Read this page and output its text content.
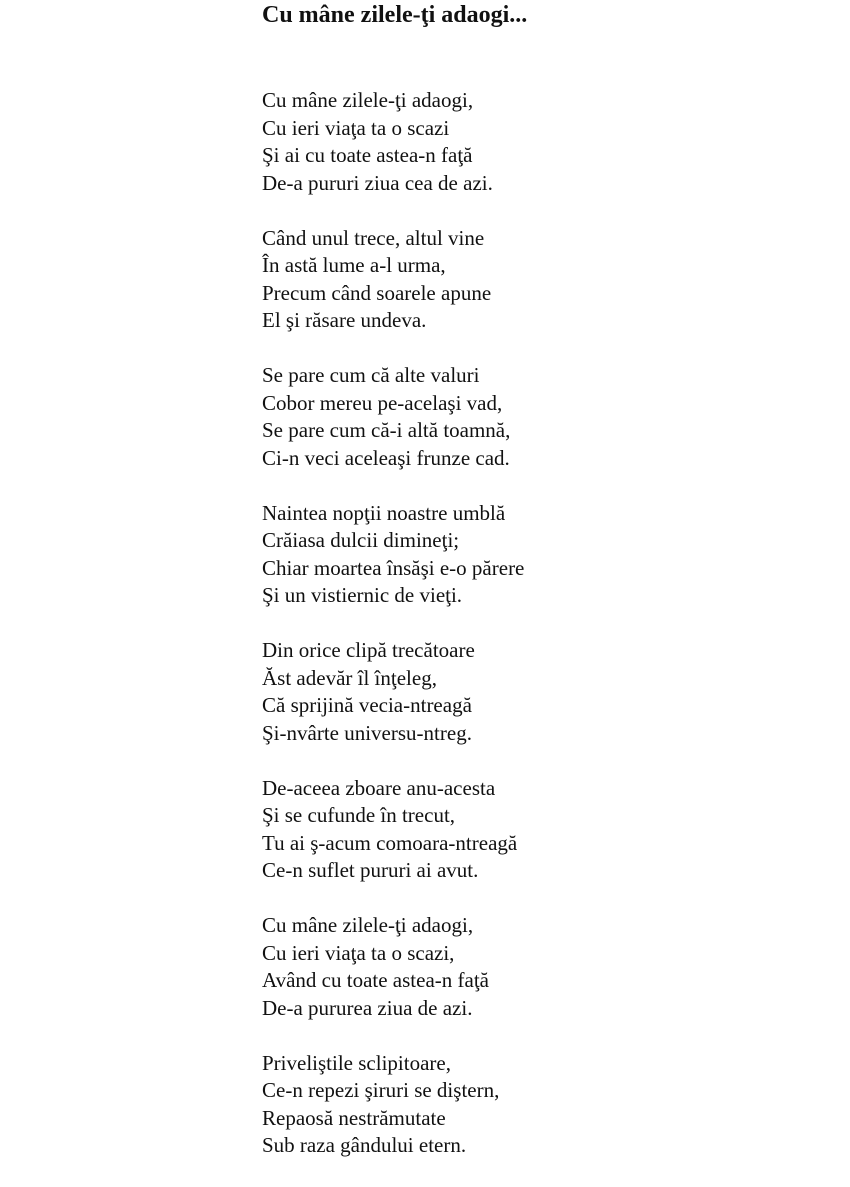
Cu mâne zilele-ţi adaogi...
Cu mâne zilele-ţi adaogi,
Cu ieri viaţa ta o scazi
Şi ai cu toate astea-n faţă
De-a pururi ziua cea de azi.
Când unul trece, altul vine
În astă lume a-l urma,
Precum când soarele apune
El şi răsare undeva.
Se pare cum că alte valuri
Cobor mereu pe-acelaşi vad,
Se pare cum că-i altă toamnă,
Ci-n veci aceleaşi frunze cad.
Naintea nopţii noastre umblă
Crăiasa dulcii dimineţi;
Chiar moartea însăşi e-o părere
Şi un vistiernic de vieţi.
Din orice clipă trecătoare
Ăst adevăr îl înţeleg,
Că sprijină vecia-ntreagă
Şi-nvârte universu-ntreg.
De-aceea zboare anu-acesta
Şi se cufunde în trecut,
Tu ai ş-acum comoara-ntreagă
Ce-n suflet pururi ai avut.
Cu mâne zilele-ţi adaogi,
Cu ieri viaţa ta o scazi,
Având cu toate astea-n faţă
De-a pururea ziua de azi.
Priveliştile sclipitoare,
Ce-n repezi şiruri se diştern,
Repaosă nestrămutate
Sub raza gândului etern.
